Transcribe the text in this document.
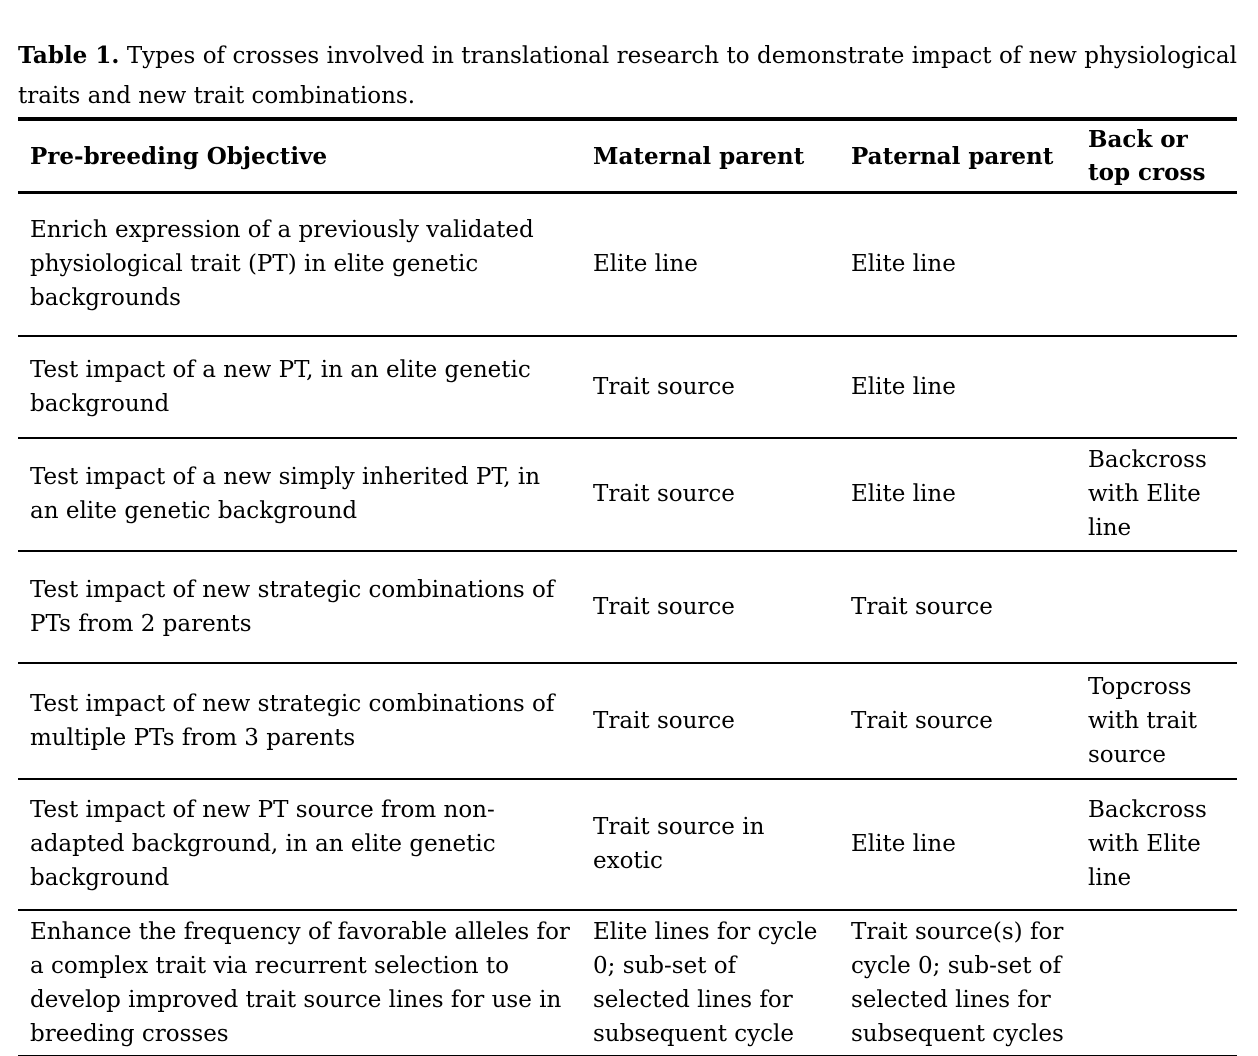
Table 1. Types of crosses involved in translational research to demonstrate impact of new physiological traits and new trait combinations.

Pre-breeding Objective	Maternal parent	Paternal parent	Back or top cross
Enrich expression of a previously validated physiological trait (PT) in elite genetic backgrounds	Elite line	Elite line	
Test impact of a new PT, in an elite genetic background	Trait source	Elite line	
Test impact of a new simply inherited PT, in an elite genetic background	Trait source	Elite line	Backcross with Elite line
Test impact of new strategic combinations of PTs from 2 parents	Trait source	Trait source	
Test impact of new strategic combinations of multiple PTs from 3 parents	Trait source	Trait source	Topcross with trait source
Test impact of new PT source from non-adapted background, in an elite genetic background	Trait source in exotic	Elite line	Backcross with Elite line
Enhance the frequency of favorable alleles for a complex trait via recurrent selection to develop improved trait source lines for use in breeding crosses	Elite lines for cycle 0; sub-set of selected lines for subsequent cycle	Trait source(s) for cycle 0; sub-set of selected lines for subsequent cycles	
